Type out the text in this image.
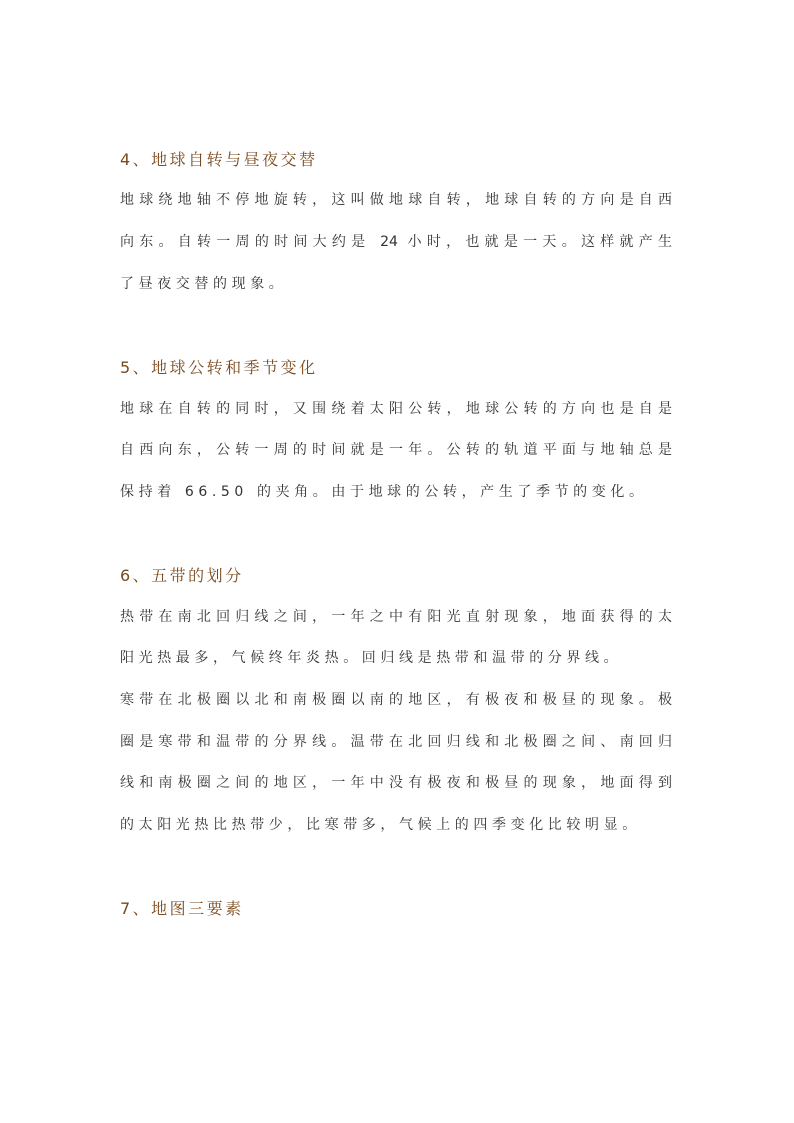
4、地球自转与昼夜交替
地球绕地轴不停地旋转，这叫做地球自转，地球自转的方向是自西
向东。自转一周的时间大约是 24 小时，也就是一天。这样就产生
了昼夜交替的现象。
5、地球公转和季节变化
地球在自转的同时，又围绕着太阳公转，地球公转的方向也是自是
自西向东，公转一周的时间就是一年。公转的轨道平面与地轴总是
保持着 66.50 的夹角。由于地球的公转，产生了季节的变化。
6、五带的划分
热带在南北回归线之间，一年之中有阳光直射现象，地面获得的太
阳光热最多，气候终年炎热。回归线是热带和温带的分界线。
寒带在北极圈以北和南极圈以南的地区，有极夜和极昼的现象。极
圈是寒带和温带的分界线。温带在北回归线和北极圈之间、南回归
线和南极圈之间的地区，一年中没有极夜和极昼的现象，地面得到
的太阳光热比热带少，比寒带多，气候上的四季变化比较明显。
7、地图三要素
